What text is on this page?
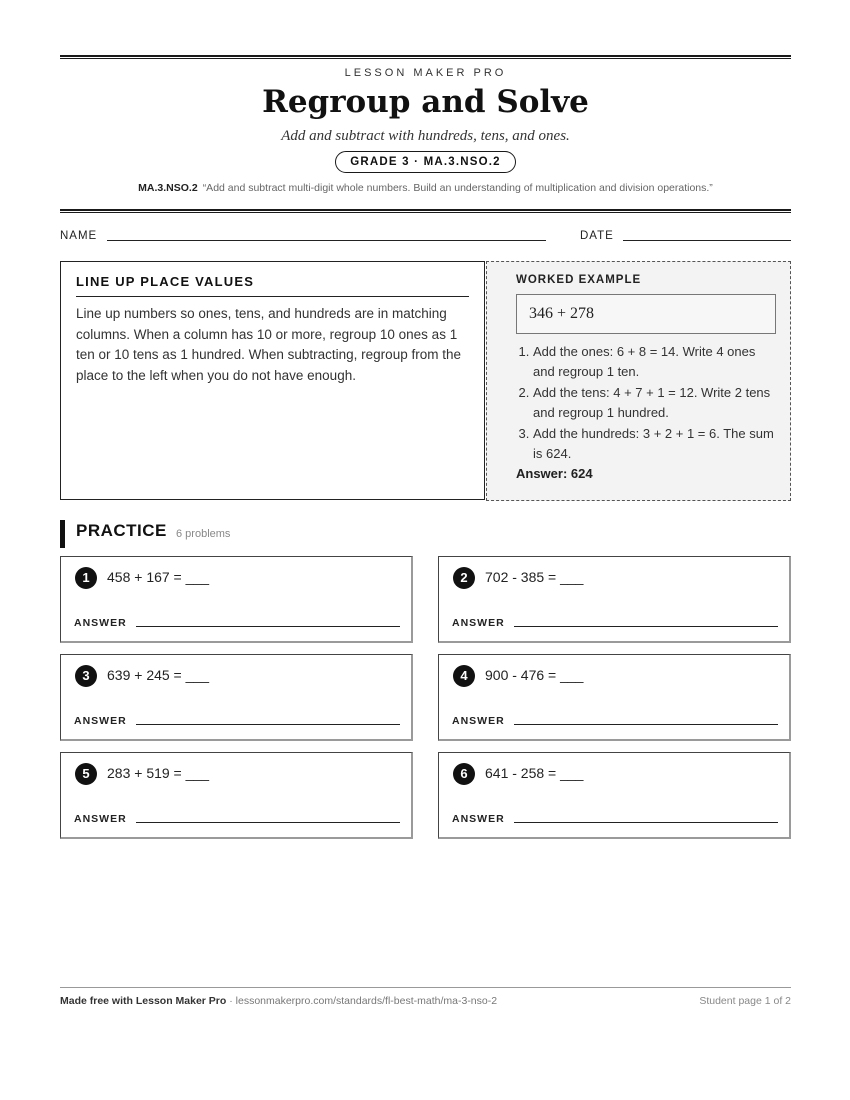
LESSON MAKER PRO
Regroup and Solve
Add and subtract with hundreds, tens, and ones.
GRADE 3 · MA.3.NSO.2
MA.3.NSO.2 “Add and subtract multi-digit whole numbers. Build an understanding of multiplication and division operations.”
NAME	DATE
LINE UP PLACE VALUES
Line up numbers so ones, tens, and hundreds are in matching columns. When a column has 10 or more, regroup 10 ones as 1 ten or 10 tens as 1 hundred. When subtracting, regroup from the place to the left when you do not have enough.
WORKED EXAMPLE
346 + 278
1. Add the ones: 6 + 8 = 14. Write 4 ones and regroup 1 ten.
2. Add the tens: 4 + 7 + 1 = 12. Write 2 tens and regroup 1 hundred.
3. Add the hundreds: 3 + 2 + 1 = 6. The sum is 624.
Answer: 624
PRACTICE 6 problems
1	458 + 167 = ___
ANSWER
2	702 - 385 = ___
ANSWER
3	639 + 245 = ___
ANSWER
4	900 - 476 = ___
ANSWER
5	283 + 519 = ___
ANSWER
6	641 - 258 = ___
ANSWER
Made free with Lesson Maker Pro · lessonmakerpro.com/standards/fl-best-math/ma-3-nso-2	Student page 1 of 2
